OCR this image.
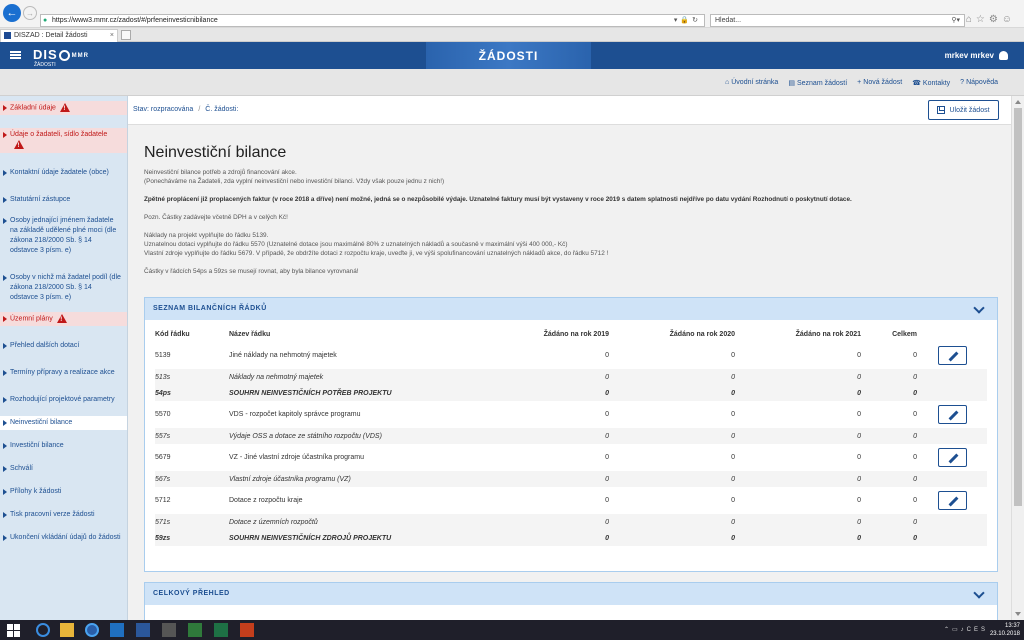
←	→
● https://www3.mmr.cz/zadost/#/prfeneinvesticnibilance	▾🔒↻	Hledat...	⚲▾ ⌂☆⚙☺
DISZAD : Detail žádosti	×
DIS MMR
ŽÁDOSTI
ŽÁDOSTI	mrkev mrkev
⌂ Úvodní stránka ▤ Seznam žádostí + Nová žádost ☎ Kontakty ? Nápověda
Základní údaje!
Údaje o žadateli, sídlo žadatele!
Kontaktní údaje žadatele (obce)
Statutární zástupce
Osoby jednající jménem žadatele na základě udělené plné moci (dle zákona 218/2000 Sb. § 14 odstavce 3 písm. e)
Osoby v nichž má žadatel podíl (dle zákona 218/2000 Sb. § 14 odstavce 3 písm. e)
Územní plány!
Přehled dalších dotací
Termíny přípravy a realizace akce
Rozhodující projektové parametry
Neinvestiční bilance
Investiční bilance
Schválí
Přílohy k žádosti
Tisk pracovní verze žádosti
Ukončení vkládání údajů do žádosti
Stav: rozpracována / Č. žádosti:	Uložit žádost
Neinvestiční bilance

Neinvestiční bilance potřeb a zdrojů financování akce.

(Ponecháváme na Žadateli, zda vyplní neinvestiční nebo investiční bilanci. Vždy však pouze jednu z nich!)

Zpětné proplácení již proplacených faktur (v roce 2018 a dříve) není možné, jedná se o nezpůsobilé výdaje. Uznatelné faktury musí být vystaveny v roce 2019 s datem splatnosti nejdříve po datu vydání Rozhodnutí o poskytnutí dotace.

Pozn. Částky zadávejte včetně DPH a v celých Kč!

Náklady na projekt vyplňujte do řádku 5139.

Uznatelnou dotaci vyplňujte do řádku 5570 (Uznatelné dotace jsou maximálně 80% z uznatelných nákladů a současně v maximální výši 400 000,- Kč)

Vlastní zdroje vyplňujte do řádku 5679. V případě, že obdržíte dotaci z rozpočtu kraje, uveďte ji, ve výši spolufinancování uznatelných nákladů akce, do řádku 5712 !

Částky v řádcích 54ps a 59zs se musejí rovnat, aby byla bilance vyrovnaná!

SEZNAM BILANČNÍCH ŘÁDKŮ
Kód řádku	Název řádku	Žádáno na rok 2019	Žádáno na rok 2020	Žádáno na rok 2021	Celkem	
5139	Jiné náklady na nehmotný majetek	0	0	0	0	
513s	Náklady na nehmotný majetek	0	0	0	0	
54ps	SOUHRN NEINVESTIČNÍCH POTŘEB PROJEKTU	0	0	0	0	
5570	VDS - rozpočet kapitoly správce programu	0	0	0	0	
557s	Výdaje OSS a dotace ze státního rozpočtu (VDS)	0	0	0	0	
5679	VZ - Jiné vlastní zdroje účastníka programu	0	0	0	0	
567s	Vlastní zdroje účastníka programu (VZ)	0	0	0	0	
5712	Dotace z rozpočtu kraje	0	0	0	0	
571s	Dotace z územních rozpočtů	0	0	0	0	
59zs	SOUHRN NEINVESTIČNÍCH ZDROJŮ PROJEKTU	0	0	0	0	
CELKOVÝ PŘEHLED
⌃▭♪CES
13:37
23.10.2018
